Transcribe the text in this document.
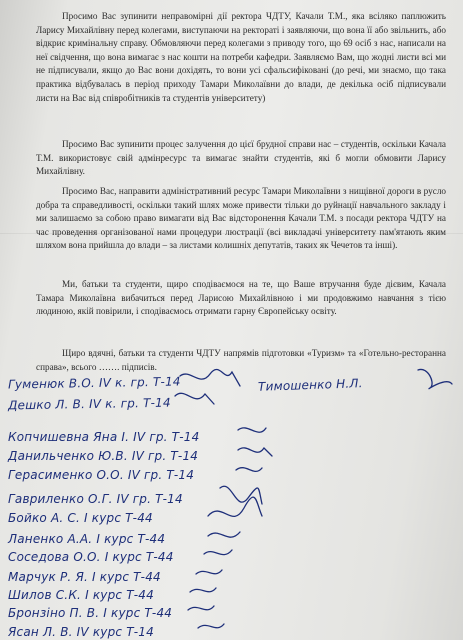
Просимо Вас зупинити неправомірні дії ректора ЧДТУ, Качали Т.М., яка всіляко паплюжить Ларису Михайлівну перед колегами, виступаючи на ректораті і заявляючи, що вона її або звільнить, або відкриє кримінальну справу. Обмовляючи перед колегами з приводу того, що 69 осіб з нас, написали на неї свідчення, що вона вимагає з нас кошти на потреби кафедри. Заявляємо Вам, що жодні листи всі ми не підписували, якщо до Вас вони дохідять, то вони усі сфальсифіковані (до речі, ми знаємо, що така практика відбувалась в період приходу Тамари Миколаївни до влади, де декілька осіб підписували листи на Вас від співробітників та студентів університету)

Просимо Вас зупинити процес залучення до цієї брудної справи нас – студентів, оскільки Качала Т.М. використовує свій адмінресурс та вимагає знайти студентів, які б могли обмовити Ларису Михайлівну.

Просимо Вас, направити адміністративний ресурс Тамари Миколаївни з нищівної дороги в русло добра та справедливості, оскільки такий шлях може привести тільки до руйнації навчального закладу і ми залишаємо за собою право вимагати від Вас відсторонення Качали Т.М. з посади ректора ЧДТУ на час проведення організованої нами процедури люстрації (всі викладачі університету пам'ятають яким шляхом вона прийшла до влади – за листами колишніх депутатів, таких як Чечетов та інші).

Ми, батьки та студенти, щиро сподіваємося на те, що Ваше втручання буде дієвим, Качала Тамара Миколаївна вибачиться перед Ларисою Михайлівною і ми продовжимо навчання з тією людиною, якій повірили, і сподіваємось отримати гарну Європейську освіту.

Щиро вдячні, батьки та студенти ЧДТУ напрямів підготовки «Туризм» та «Готельно-ресторанна справа», всього ……. підписів.

Гуменюк В.О. ІV к. гр. Т-14
Дешко Л. В. ІV к. гр. Т-14
Копчишевна Яна І. ІV гр. Т-14
Данильченко Ю.В. ІV гр. Т-14
Герасименко О.О. ІV гр. Т-14
Гавриленко О.Г. ІV гр. Т-14
Бойко А. С. І курс Т-44
Ланенко А.А. І курс Т-44
Соседова О.О. І курс Т-44
Марчук Р. Я. І курс Т-44
Шилов С.К. І курс Т-44
Бронзіно П. В. І курс Т-44
Ясан Л. В. ІV курс Т-14
Тимошенко Н.Л.
